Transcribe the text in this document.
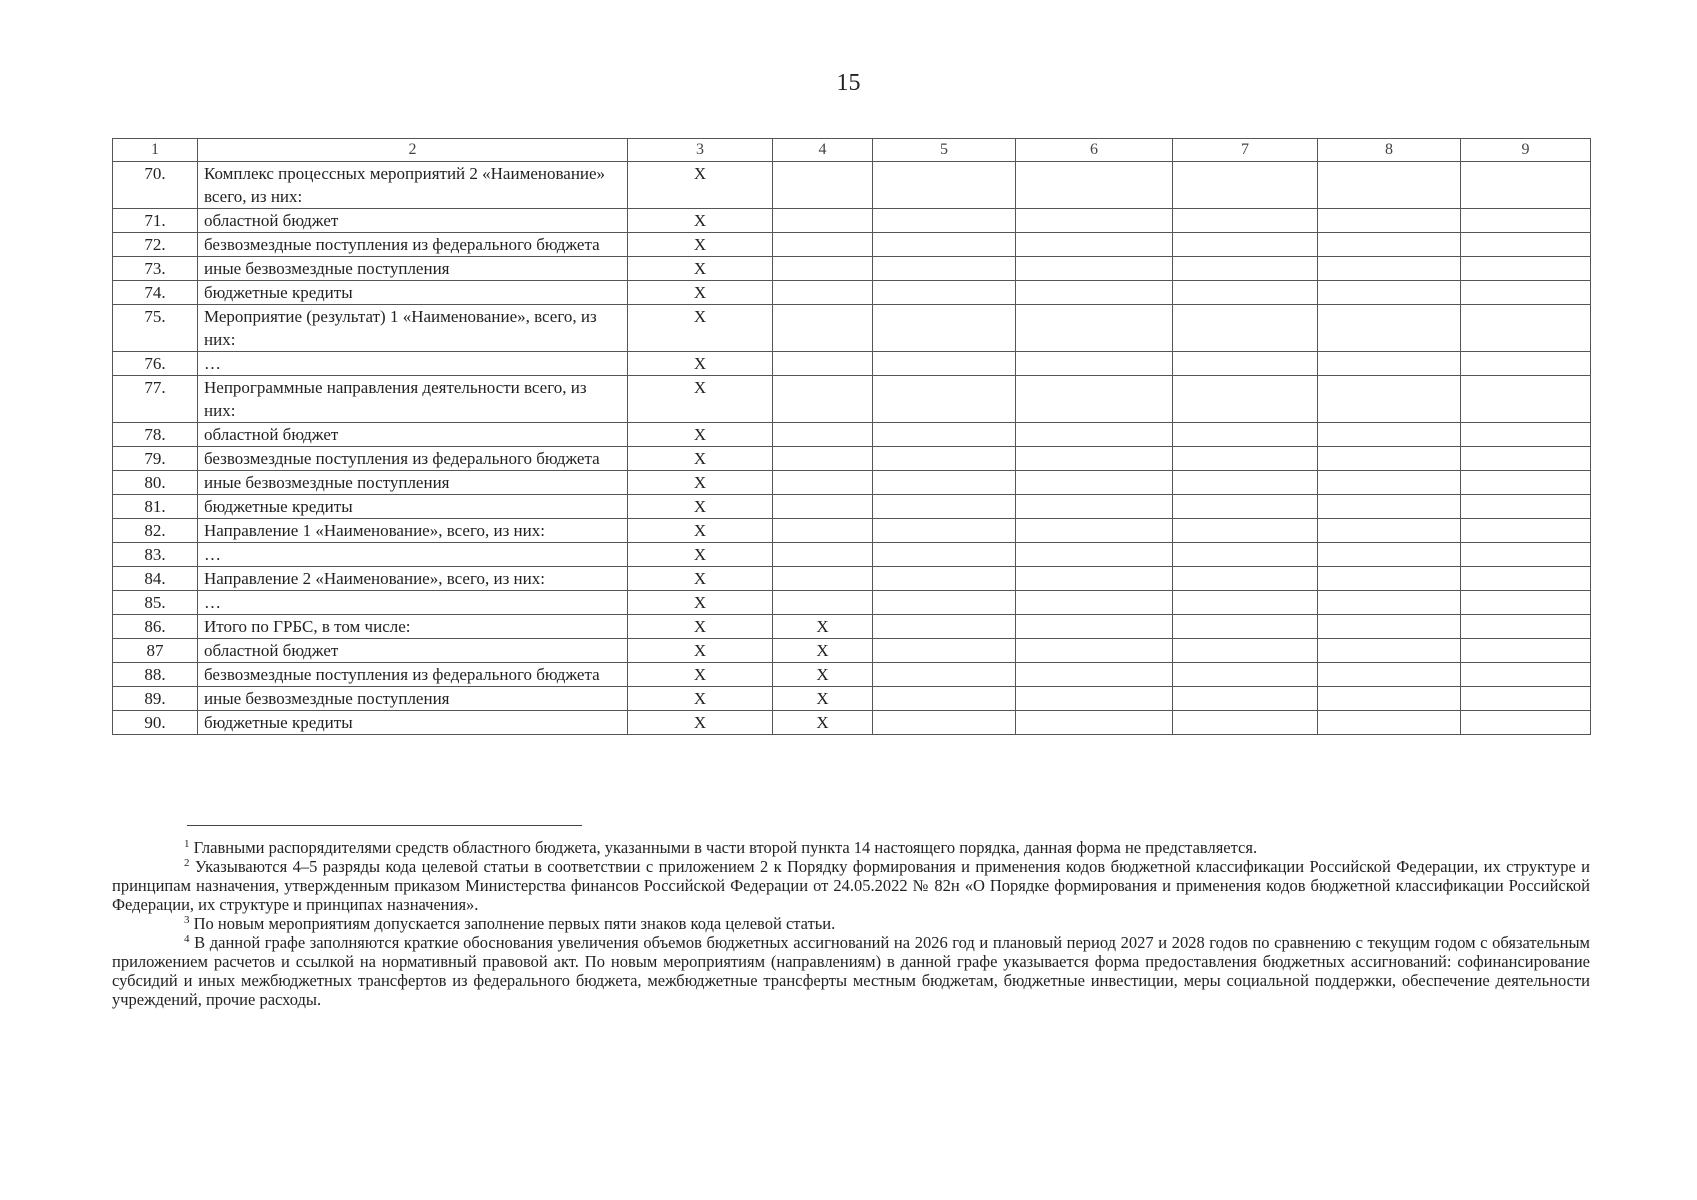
15
1	2	3	4	5	6	7	8	9
70.	Комплекс процессных мероприятий 2 «Наименование» всего, из них:	X						
71.	областной бюджет	X						
72.	безвозмездные поступления из федерального бюджета	X						
73.	иные безвозмездные поступления	X						
74.	бюджетные кредиты	X						
75.	Мероприятие (результат) 1 «Наименование», всего, из них:	X						
76.	…	X						
77.	Непрограммные направления деятельности всего, из них:	X						
78.	областной бюджет	X						
79.	безвозмездные поступления из федерального бюджета	X						
80.	иные безвозмездные поступления	X						
81.	бюджетные кредиты	X						
82.	Направление 1 «Наименование», всего, из них:	X						
83.	…	X						
84.	Направление 2 «Наименование», всего, из них:	X						
85.	…	X						
86.	Итого по ГРБС, в том числе:	X	X					
87	областной бюджет	X	X					
88.	безвозмездные поступления из федерального бюджета	X	X					
89.	иные безвозмездные поступления	X	X					
90.	бюджетные кредиты	X	X					

$^1$ Главными распорядителями средств областного бюджета, указанными в части второй пункта 14 настоящего порядка, данная форма не представляется.

$^2$ Указываются 4–5 разряды кода целевой статьи в соответствии с приложением 2 к Порядку формирования и применения кодов бюджетной классификации Российской Федерации, их структуре и принципам назначения, утвержденным приказом Министерства финансов Российской Федерации от 24.05.2022 № 82н «О Порядке формирования и применения кодов бюджетной классификации Российской Федерации, их структуре и принципах назначения».

$^3$ По новым мероприятиям допускается заполнение первых пяти знаков кода целевой статьи.

$^4$ В данной графе заполняются краткие обоснования увеличения объемов бюджетных ассигнований на 2026 год и плановый период 2027 и 2028 годов по сравнению с текущим годом с обязательным приложением расчетов и ссылкой на нормативный правовой акт. По новым мероприятиям (направлениям) в данной графе указывается форма предоставления бюджетных ассигнований: софинансирование субсидий и иных межбюджетных трансфертов из федерального бюджета, межбюджетные трансферты местным бюджетам, бюджетные инвестиции, меры социальной поддержки, обеспечение деятельности учреждений, прочие расходы.
